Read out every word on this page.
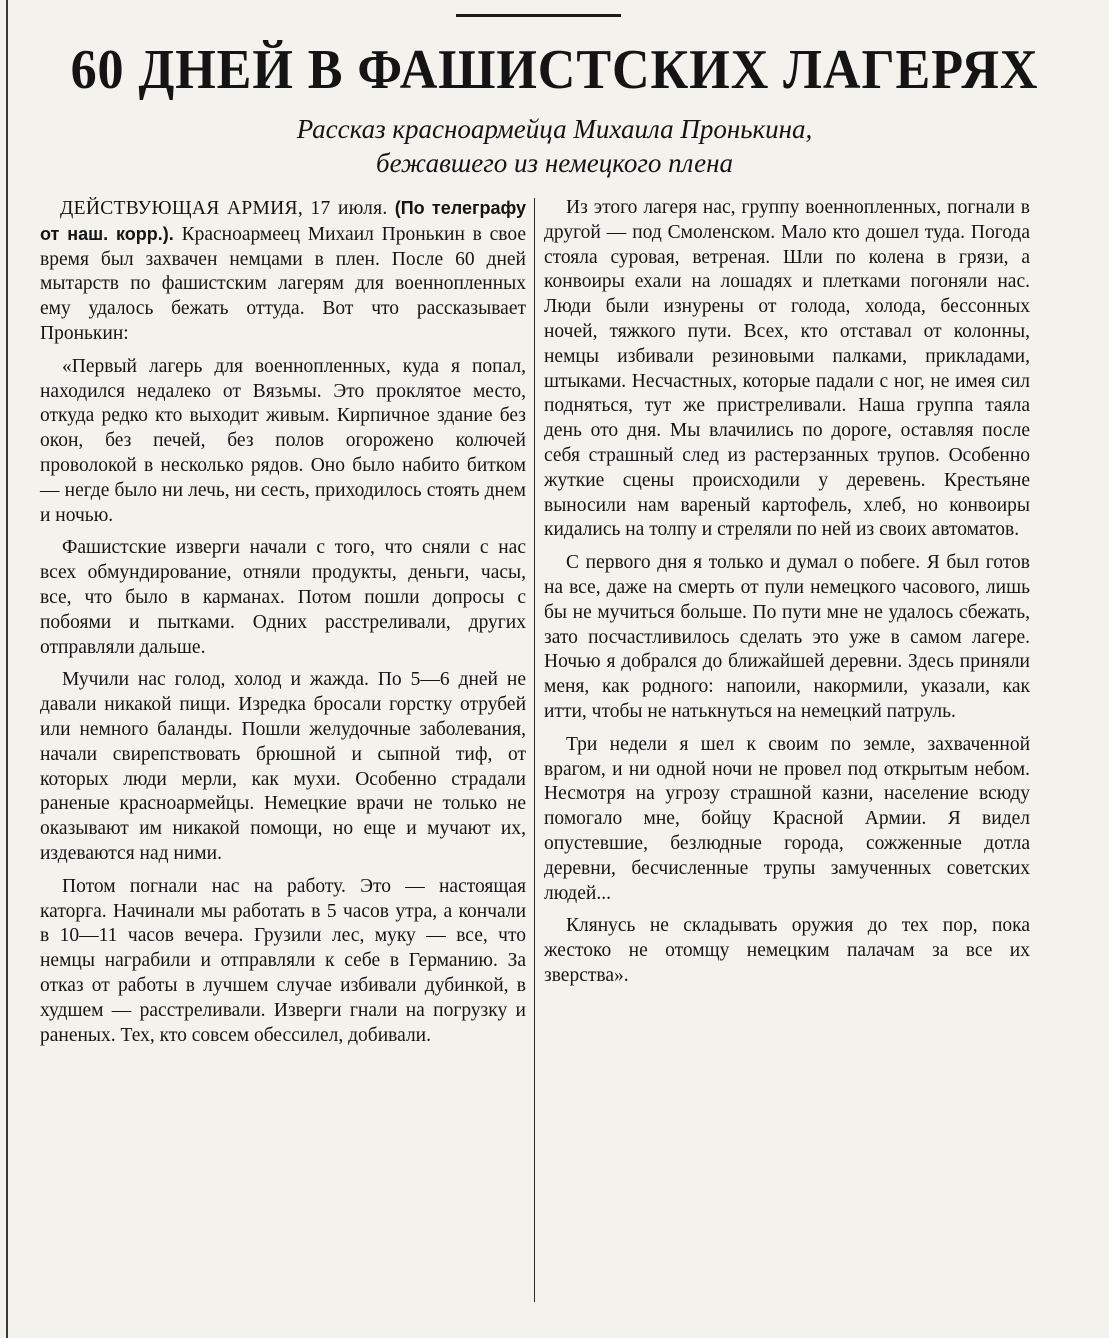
60 ДНЕЙ В ФАШИСТСКИХ ЛАГЕРЯХ
Рассказ красноармейца Михаила Пронькина,
бежавшего из немецкого плена

ДЕЙСТВУЮЩАЯ АРМИЯ, 17 июля. (По телеграфу от наш. корр.). Красноармеец Михаил Пронькин в свое время был захвачен немцами в плен. После 60 дней мытарств по фашистским лагерям для военнопленных ему удалось бежать оттуда. Вот что рассказывает Пронькин:

«Первый лагерь для военнопленных, куда я попал, находился недалеко от Вязьмы. Это проклятое место, откуда редко кто выходит живым. Кирпичное здание без окон, без печей, без полов огорожено колючей проволокой в несколько рядов. Оно было набито битком — негде было ни лечь, ни сесть, приходилось стоять днем и ночью.

Фашистские изверги начали с того, что сняли с нас всех обмундирование, отняли продукты, деньги, часы, все, что было в карманах. Потом пошли допросы с побоями и пытками. Одних расстреливали, других отправляли дальше.

Мучили нас голод, холод и жажда. По 5—6 дней не давали никакой пищи. Изредка бросали горстку отрубей или немного баланды. Пошли желудочные заболевания, начали свирепствовать брюшной и сыпной тиф, от которых люди мерли, как мухи. Особенно страдали раненые красноармейцы. Немецкие врачи не только не оказывают им никакой помощи, но еще и мучают их, издеваются над ними.

Потом погнали нас на работу. Это — настоящая каторга. Начинали мы работать в 5 часов утра, а кончали в 10—11 часов вечера. Грузили лес, муку — все, что немцы награбили и отправляли к себе в Германию. За отказ от работы в лучшем случае избивали дубинкой, в худшем — расстреливали. Изверги гнали на погрузку и раненых. Тех, кто совсем обессилел, добивали.

Из этого лагеря нас, группу военнопленных, погнали в другой — под Смоленском. Мало кто дошел туда. Погода стояла суровая, ветреная. Шли по колена в грязи, а конвоиры ехали на лошадях и плетками погоняли нас. Люди были изнурены от голода, холода, бессонных ночей, тяжкого пути. Всех, кто отставал от колонны, немцы избивали резиновыми палками, прикладами, штыками. Несчастных, которые падали с ног, не имея сил подняться, тут же пристреливали. Наша группа таяла день ото дня. Мы влачились по дороге, оставляя после себя страшный след из растерзанных трупов. Особенно жуткие сцены происходили у деревень. Крестьяне выносили нам вареный картофель, хлеб, но конвоиры кидались на толпу и стреляли по ней из своих автоматов.

С первого дня я только и думал о побеге. Я был готов на все, даже на смерть от пули немецкого часового, лишь бы не мучиться больше. По пути мне не удалось сбежать, зато посчастливилось сделать это уже в самом лагере. Ночью я добрался до ближайшей деревни. Здесь приняли меня, как родного: напоили, накормили, указали, как итти, чтобы не натькнуться на немецкий патруль.

Три недели я шел к своим по земле, захваченной врагом, и ни одной ночи не провел под открытым небом. Несмотря на угрозу страшной казни, население всюду помогало мне, бойцу Красной Армии. Я видел опустевшие, безлюдные города, сожженные дотла деревни, бесчисленные трупы замученных советских людей...

Клянусь не складывать оружия до тех пор, пока жестоко не отомщу немецким палачам за все их зверства».
